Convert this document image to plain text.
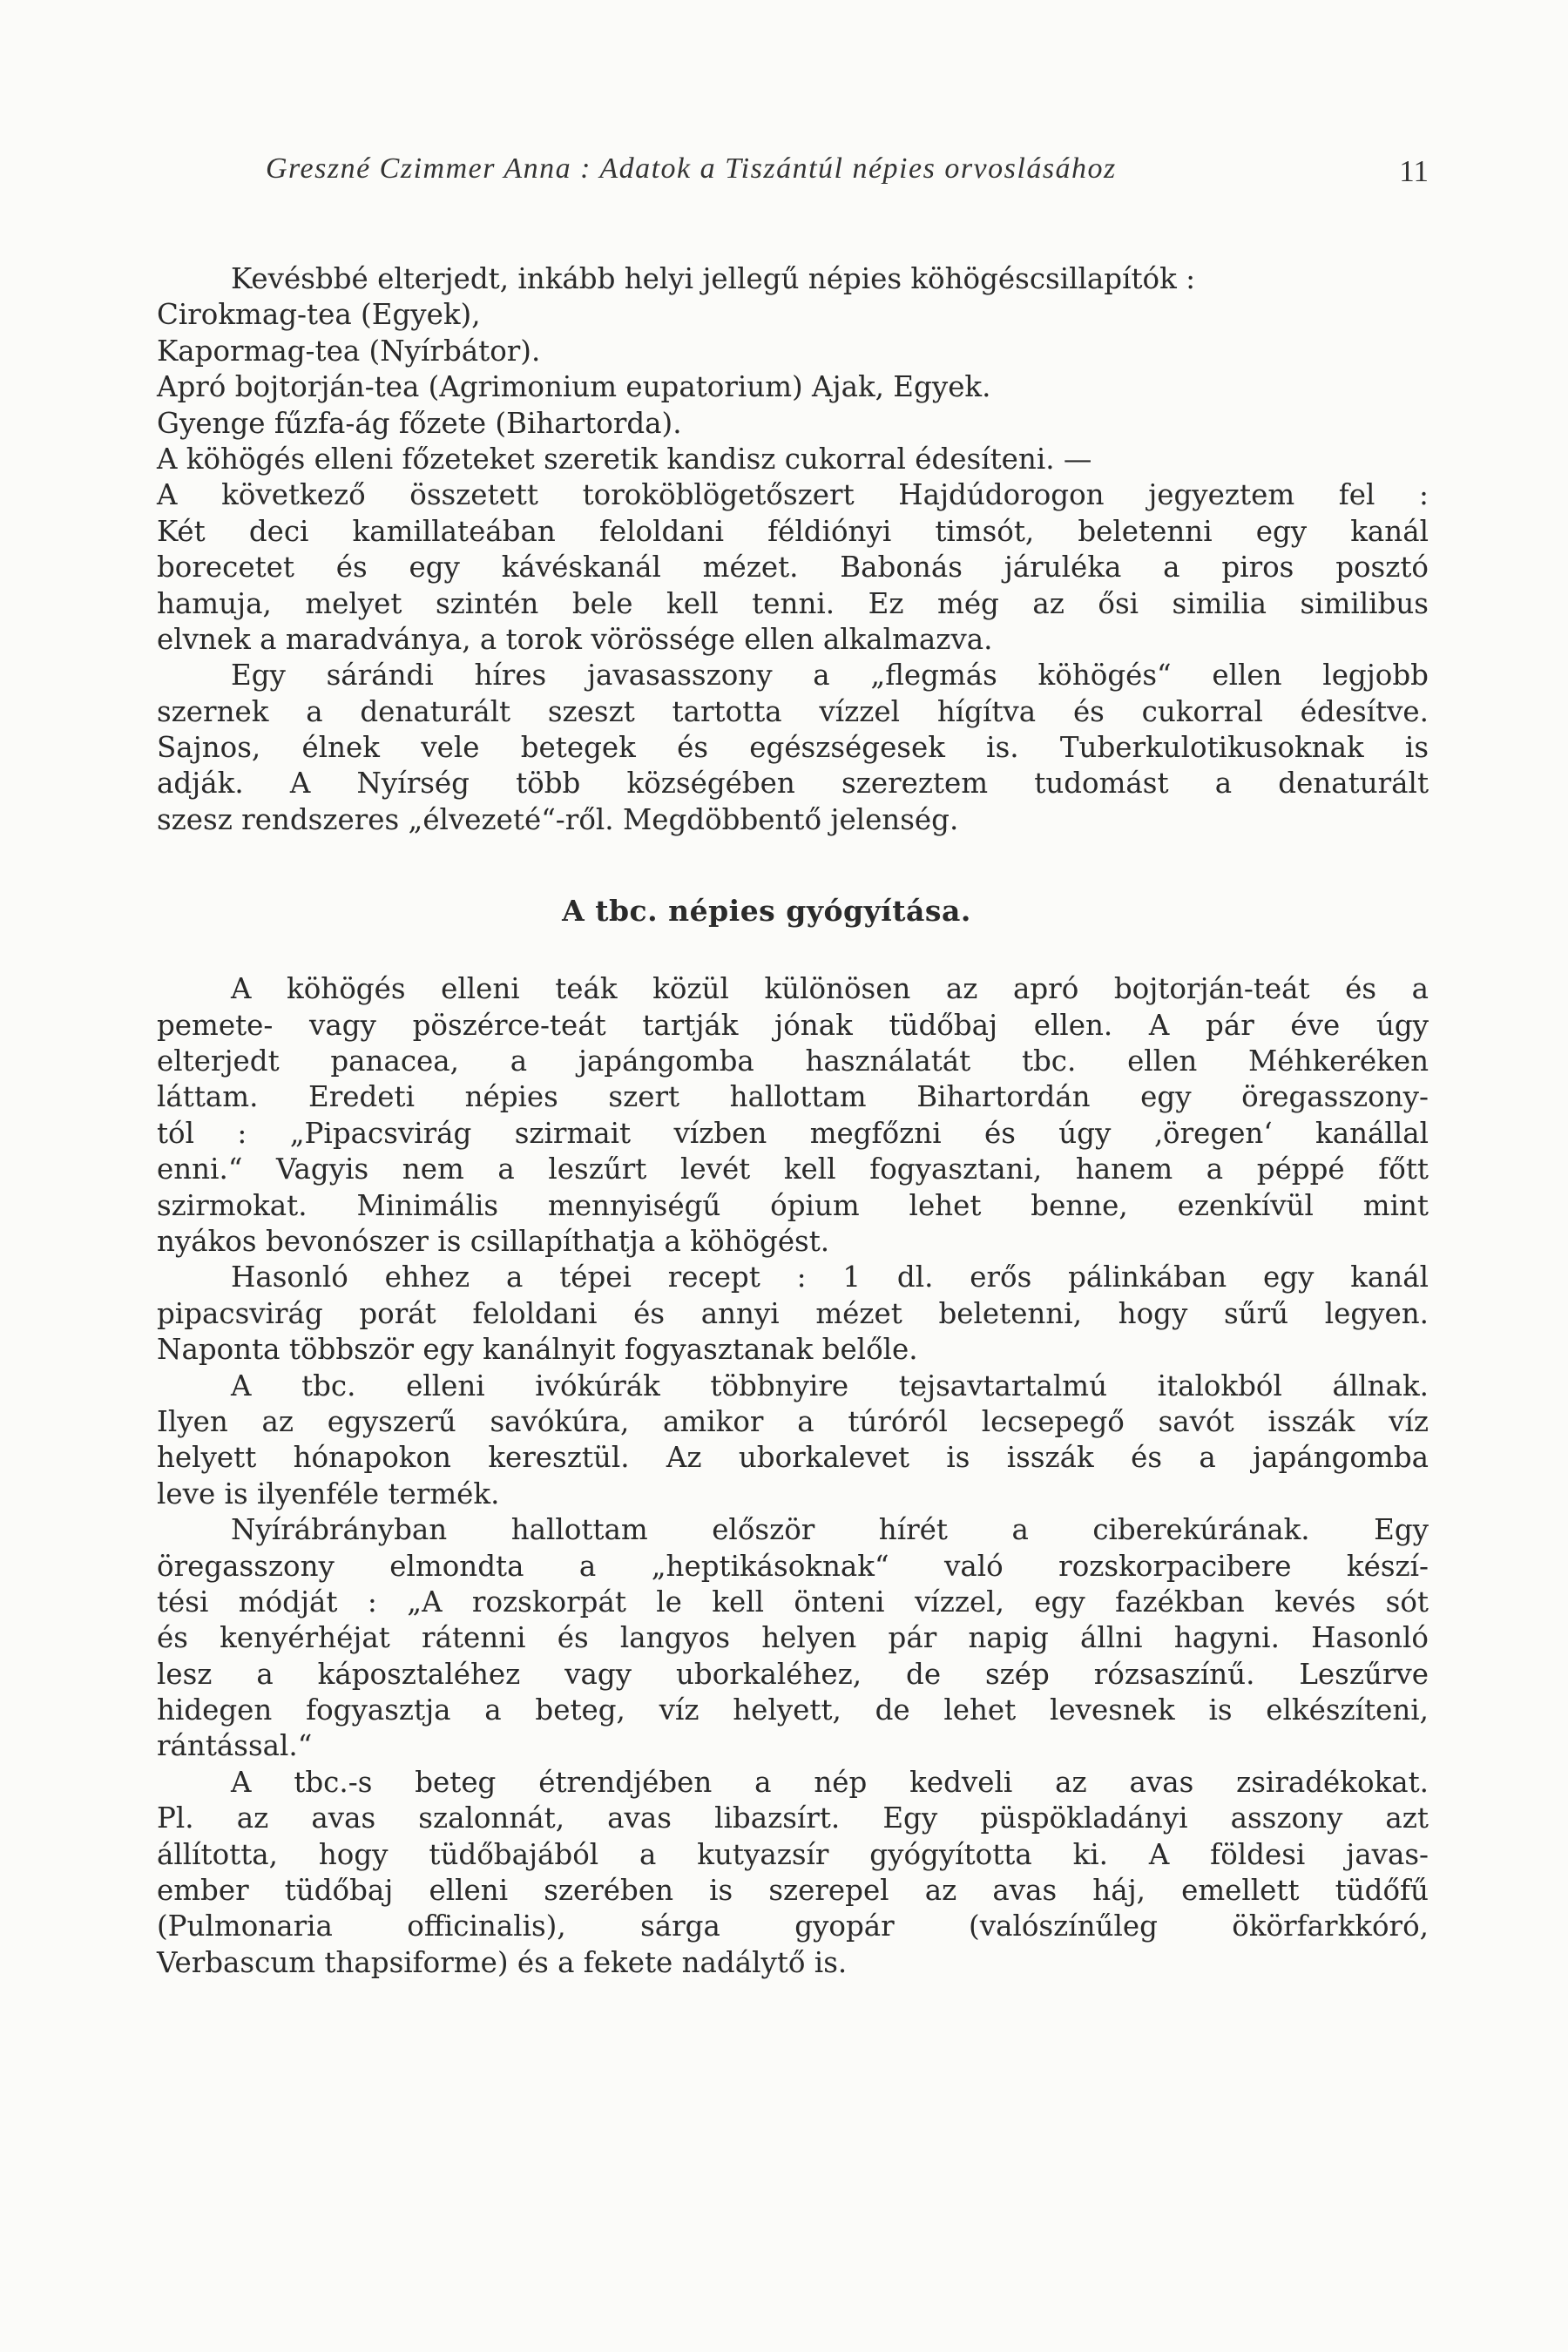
Greszné Czimmer Anna : Adatok a Tiszántúl népies orvoslásához	11
Kevésbbé elterjedt, inkább helyi jellegű népies köhögéscsillapítók :
Cirokmag-tea (Egyek),
Kapormag-tea (Nyírbátor).
Apró bojtorján-tea (Agrimonium eupatorium) Ajak, Egyek.
Gyenge fűzfa-ág főzete (Bihartorda).
A köhögés elleni főzeteket szeretik kandisz cukorral édesíteni. —
A következő összetett toroköblögetőszert Hajdúdorogon jegyeztem fel :
Két deci kamillateában feloldani féldiónyi timsót, beletenni egy kanál
borecetet és egy kávéskanál mézet. Babonás járuléka a piros posztó
hamuja, melyet szintén bele kell tenni. Ez még az ősi similia similibus
elvnek a maradványa, a torok vörössége ellen alkalmazva.
Egy sárándi híres javasasszony a „flegmás köhögés“ ellen legjobb
szernek a denaturált szeszt tartotta vízzel hígítva és cukorral édesítve.
Sajnos, élnek vele betegek és egészségesek is. Tuberkulotikusoknak is
adják. A Nyírség több községében szereztem tudomást a denaturált
szesz rendszeres „élvezeté“-ről. Megdöbbentő jelenség.
A tbc. népies gyógyítása.
A köhögés elleni teák közül különösen az apró bojtorján-teát és a
pemete- vagy pöszérce-teát tartják jónak tüdőbaj ellen. A pár éve úgy
elterjedt panacea, a japángomba használatát tbc. ellen Méhkeréken
láttam. Eredeti népies szert hallottam Bihartordán egy öregasszony-
tól : „Pipacsvirág szirmait vízben megfőzni és úgy ‚öregen‘ kanállal
enni.“ Vagyis nem a leszűrt levét kell fogyasztani, hanem a péppé főtt
szirmokat. Minimális mennyiségű ópium lehet benne, ezenkívül mint
nyákos bevonószer is csillapíthatja a köhögést.
Hasonló ehhez a tépei recept : 1 dl. erős pálinkában egy kanál
pipacsvirág porát feloldani és annyi mézet beletenni, hogy sűrű legyen.
Naponta többször egy kanálnyit fogyasztanak belőle.
A tbc. elleni ivókúrák többnyire tejsavtartalmú italokból állnak.
Ilyen az egyszerű savókúra, amikor a túróról lecsepegő savót isszák víz
helyett hónapokon keresztül. Az uborkalevet is isszák és a japángomba
leve is ilyenféle termék.
Nyírábrányban hallottam először hírét a ciberekúrának. Egy
öregasszony elmondta a „heptikásoknak“ való rozskorpacibere készí-
tési módját : „A rozskorpát le kell önteni vízzel, egy fazékban kevés sót
és kenyérhéjat rátenni és langyos helyen pár napig állni hagyni. Hasonló
lesz a káposztaléhez vagy uborkaléhez, de szép rózsaszínű. Leszűrve
hidegen fogyasztja a beteg, víz helyett, de lehet levesnek is elkészíteni,
rántással.“
A tbc.-s beteg étrendjében a nép kedveli az avas zsiradékokat.
Pl. az avas szalonnát, avas libazsírt. Egy püspökladányi asszony azt
állította, hogy tüdőbajából a kutyazsír gyógyította ki. A földesi javas-
ember tüdőbaj elleni szerében is szerepel az avas háj, emellett tüdőfű
(Pulmonaria officinalis), sárga gyopár (valószínűleg ökörfarkkóró,
Verbascum thapsiforme) és a fekete nadálytő is.
